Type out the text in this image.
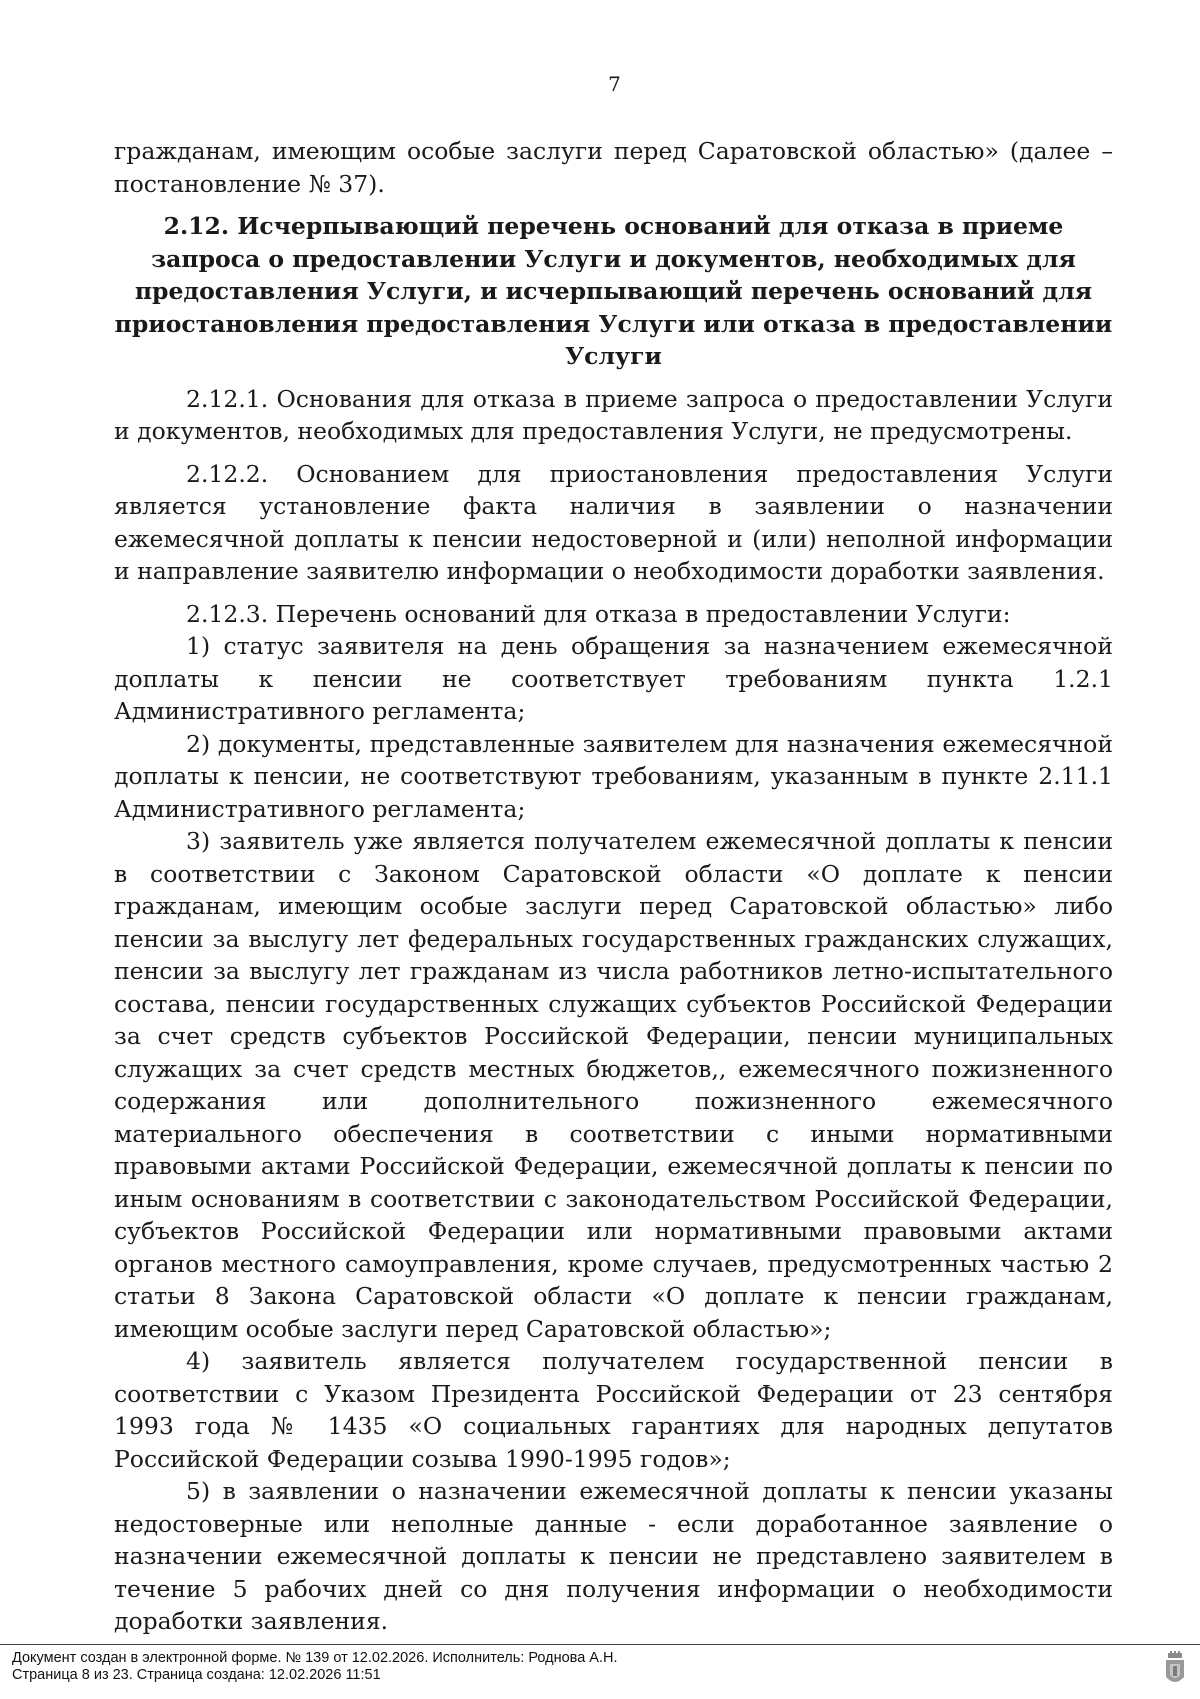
7

гражданам, имеющим особые заслуги перед Саратовской областью» (далее – постановление № 37).

2.12. Исчерпывающий перечень оснований для отказа в приеме запроса о предоставлении Услуги и документов, необходимых для предоставления Услуги, и исчерпывающий перечень оснований для приостановления предоставления Услуги или отказа в предоставлении Услуги

2.12.1. Основания для отказа в приеме запроса о предоставлении Услуги и документов, необходимых для предоставления Услуги, не предусмотрены.

2.12.2. Основанием для приостановления предоставления Услуги является установление факта наличия в заявлении о назначении ежемесячной доплаты к пенсии недостоверной и (или) неполной информации и направление заявителю информации о необходимости доработки заявления.

2.12.3. Перечень оснований для отказа в предоставлении Услуги:

1) статус заявителя на день обращения за назначением ежемесячной доплаты к пенсии не соответствует требованиям пункта 1.2.1 Административного регламента;

2) документы, представленные заявителем для назначения ежемесячной доплаты к пенсии, не соответствуют требованиям, указанным в пункте 2.11.1 Административного регламента;

3) заявитель уже является получателем ежемесячной доплаты к пенсии в соответствии с Законом Саратовской области «О доплате к пенсии гражданам, имеющим особые заслуги перед Саратовской областью» либо пенсии за выслугу лет федеральных государственных гражданских служащих, пенсии за выслугу лет гражданам из числа работников летно-испытательного состава, пенсии государственных служащих субъектов Российской Федерации за счет средств субъектов Российской Федерации, пенсии муниципальных служащих за счет средств местных бюджетов,, ежемесячного пожизненного содержания или дополнительного пожизненного ежемесячного материального обеспечения в соответствии с иными нормативными правовыми актами Российской Федерации, ежемесячной доплаты к пенсии по иным основаниям в соответствии с законодательством Российской Федерации, субъектов Российской Федерации или нормативными правовыми актами органов местного самоуправления, кроме случаев, предусмотренных частью 2 статьи 8 Закона Саратовской области «О доплате к пенсии гражданам, имеющим особые заслуги перед Саратовской областью»;

4) заявитель является получателем государственной пенсии в соответствии с Указом Президента Российской Федерации от 23 сентября 1993 года № 1435 «О социальных гарантиях для народных депутатов Российской Федерации созыва 1990-1995 годов»;

5) в заявлении о назначении ежемесячной доплаты к пенсии указаны недостоверные или неполные данные - если доработанное заявление о назначении ежемесячной доплаты к пенсии не представлено заявителем в течение 5 рабочих дней со дня получения информации о необходимости доработки заявления.

Документ создан в электронной форме. № 139 от 12.02.2026. Исполнитель: Роднова А.Н.
Страница 8 из 23. Страница создана: 12.02.2026 11:51
